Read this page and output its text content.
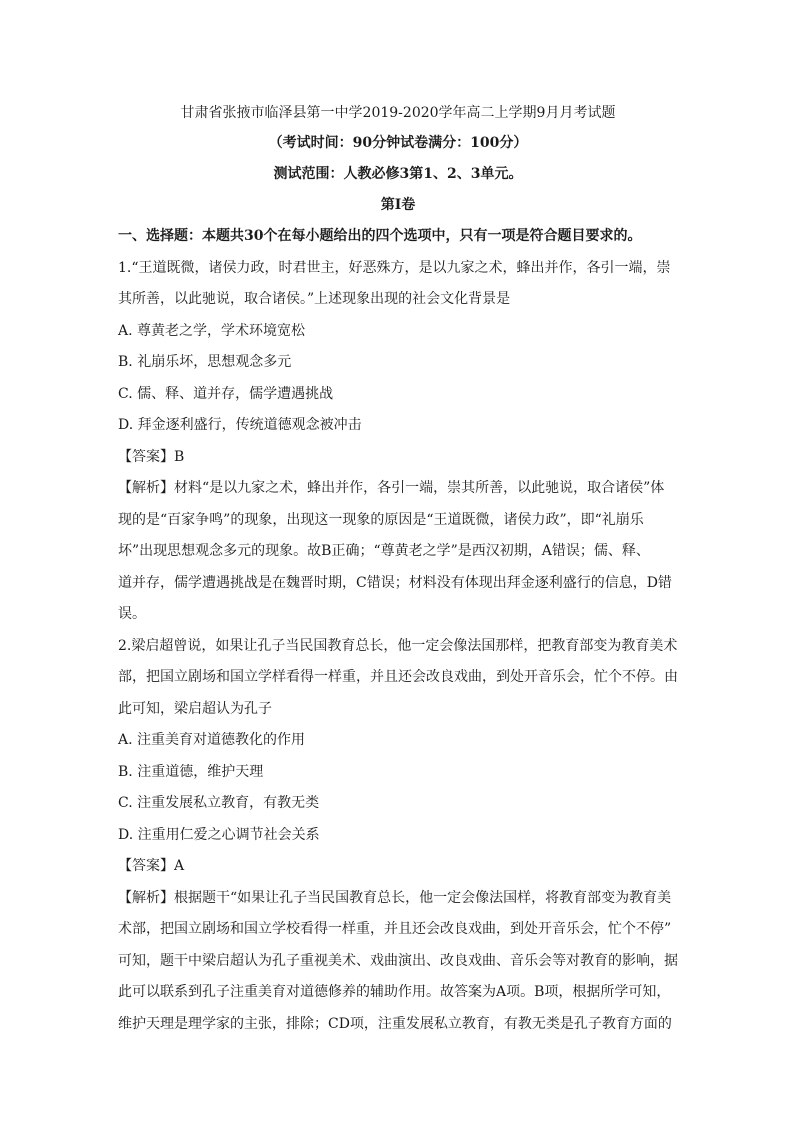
甘肃省张掖市临泽县第一中学2019-2020学年高二上学期9月月考试题
（考试时间：90分钟试卷满分：100分）
测试范围：人教必修3第1、2、3单元。
第Ⅰ卷
一、选择题：本题共30个在每小题给出的四个选项中，只有一项是符合题目要求的。
1.“王道既微，诸侯力政，时君世主，好恶殊方，是以九家之术，蜂出并作，各引一端，崇
其所善，以此驰说，取合诸侯。”上述现象出现的社会文化背景是
A. 尊黄老之学，学术环境宽松
B. 礼崩乐坏，思想观念多元
C. 儒、释、道并存，儒学遭遇挑战
D. 拜金逐利盛行，传统道德观念被冲击
【答案】B
【解析】材料“是以九家之术，蜂出并作，各引一端，崇其所善，以此驰说，取合诸侯”体
现的是“百家争鸣”的现象，出现这一现象的原因是“王道既微，诸侯力政”，即“礼崩乐
坏”出现思想观念多元的现象。故B正确；“尊黄老之学”是西汉初期，A错误；儒、释、
道并存，儒学遭遇挑战是在魏晋时期，C错误；材料没有体现出拜金逐利盛行的信息，D错
误。
2.梁启超曾说，如果让孔子当民国教育总长，他一定会像法国那样，把教育部变为教育美术
部，把国立剧场和国立学样看得一样重，并且还会改良戏曲，到处开音乐会，忙个不停。由
此可知，梁启超认为孔子
A. 注重美育对道德教化的作用
B. 注重道德，维护天理
C. 注重发展私立教育，有教无类
D. 注重用仁爱之心调节社会关系
【答案】A
【解析】根据题干“如果让孔子当民国教育总长，他一定会像法国样，将教育部变为教育美
术部，把国立剧场和国立学校看得一样重，并且还会改良戏曲，到处开音乐会，忙个不停”
可知，题干中梁启超认为孔子重视美术、戏曲演出、改良戏曲、音乐会等对教育的影响，据
此可以联系到孔子注重美育对道德修养的辅助作用。故答案为A项。B项，根据所学可知，
维护天理是理学家的主张，排除；CD项，注重发展私立教育，有教无类是孔子教育方面的
